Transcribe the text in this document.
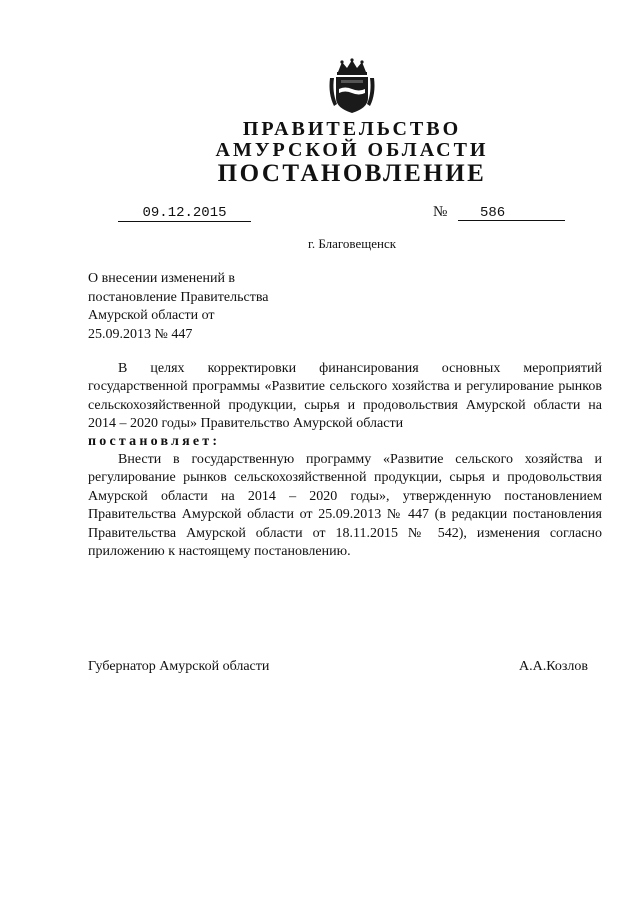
ПРАВИТЕЛЬСТВО
АМУРСКОЙ ОБЛАСТИ
ПОСТАНОВЛЕНИЕ
09.12.2015	№	586
г. Благовещенск
О внесении изменений в
постановление Правительства
Амурской области от
25.09.2013 № 447
В целях корректировки финансирования основных мероприятий государственной программы «Развитие сельского хозяйства и регулирование рынков сельскохозяйственной продукции, сырья и продовольствия Амурской области на 2014 – 2020 годы» Правительство Амурской области
постановляет:
Внести в государственную программу «Развитие сельского хозяйства и регулирование рынков сельскохозяйственной продукции, сырья и продовольствия Амурской области на 2014 – 2020 годы», утвержденную постановлением Правительства Амурской области от 25.09.2013 № 447 (в редакции постановления Правительства Амурской области от 18.11.2015 № 542), изменения согласно приложению к настоящему постановлению.
Губернатор Амурской области	А.А.Козлов
